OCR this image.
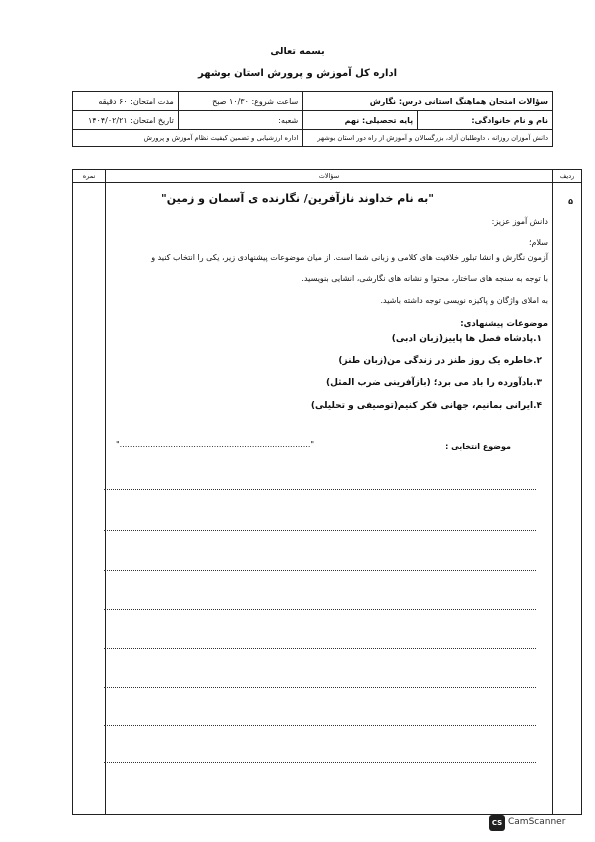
بسمه تعالی
اداره کل آموزش و پرورش استان بوشهر
سؤالات امتحان هماهنگ استانی درس: نگارش		ساعت شروع: ۱۰/۳۰ صبح	مدت امتحان: ۶۰ دقیقه
نام و نام خانوادگی:	پایه تحصیلی: نهم	شعبه:	تاریخ امتحان: ۱۴۰۴/۰۲/۲۱
دانش آموزان روزانه ، داوطلبان آزاد، بزرگسالان و آموزش از راه دور استان بوشهر		اداره ارزشیابی و تضمین کیفیت نظام آموزش و پرورش	
نمره	سؤالات	ردیف
۵
"به نام خداوند نازآفرین/ نگارنده ی آسمان و زمین"
دانش آموز عزیز:
سلام؛
آزمون نگارش و انشا تبلور خلاقیت های کلامی و زبانی شما است. از میان موضوعات پیشنهادی زیر، یکی را انتخاب کنید و
با توجه به سنجه های ساختار، محتوا و نشانه های نگارشی، انشایی بنویسید.
به املای واژگان و پاکیزه نویسی توجه داشته باشید.
موضوعات پیشنهادی:
۱.پادشاه فصل ها پاییز(زبان ادبی)
۲.خاطره یک روز طنز در زندگی من(زبان طنز)
۳.بادآورده را باد می برد؛ (بازآفرینی ضرب المثل)
۴.ایرانی بمانیم، جهانی فکر کنیم(توصیفی و تحلیلی)
موضوع انتخابی :
"..........................................................................."
CS CamScanner
